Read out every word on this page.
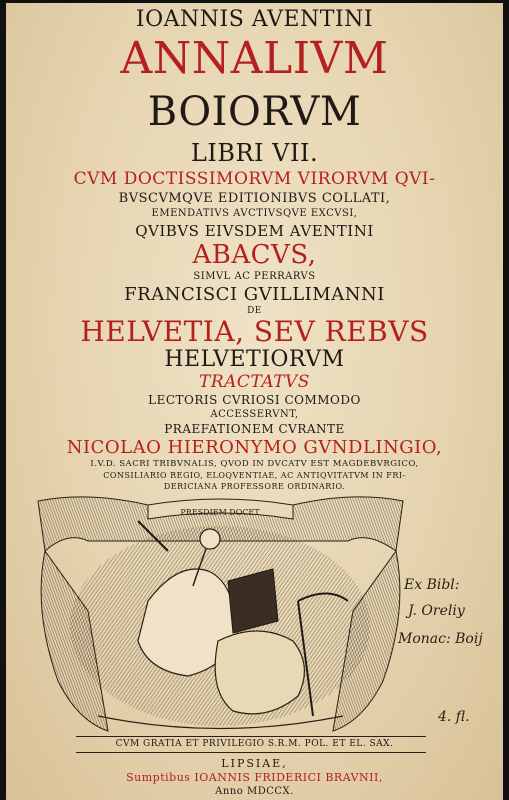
IOANNIS AVENTINI
ANNALIVM
BOIORVM
LIBRI VII.
CVM DOCTISSIMORVM VIRORVM QVI-
BVSCVMQVE EDITIONIBVS COLLATI,
EMENDATIVS AVCTIVSQVE EXCVSI,
QVIBVS EIVSDEM AVENTINI
ABACVS,
SIMVL AC PERRARVS
FRANCISCI GVILLIMANNI
DE
HELVETIA, SEV REBVS
HELVETIORVM
TRACTATVS
LECTORIS CVRIOSI COMMODO
ACCESSERVNT,
PRAEFATIONEM CVRANTE
NICOLAO HIERONYMO GVNDLINGIO,
I.V.D. SACRI TRIBVNALIS, QVOD IN DVCATV EST MAGDEBVRGICO,
CONSILIARIO REGIO, ELOQVENTIAE, AC ANTIQVITATVM IN FRI-
DERICIANA PROFESSORE ORDINARIO.
PRESDIEM DOCET
Ex Bibl:
J. Oreliy
Monac: Boij
4. fl.
CVM GRATIA ET PRIVILEGIO S.R.M. POL. ET EL. SAX.
LIPSIAE,
Sumptibus IOANNIS FRIDERICI BRAVNII,
Anno MDCCX.
